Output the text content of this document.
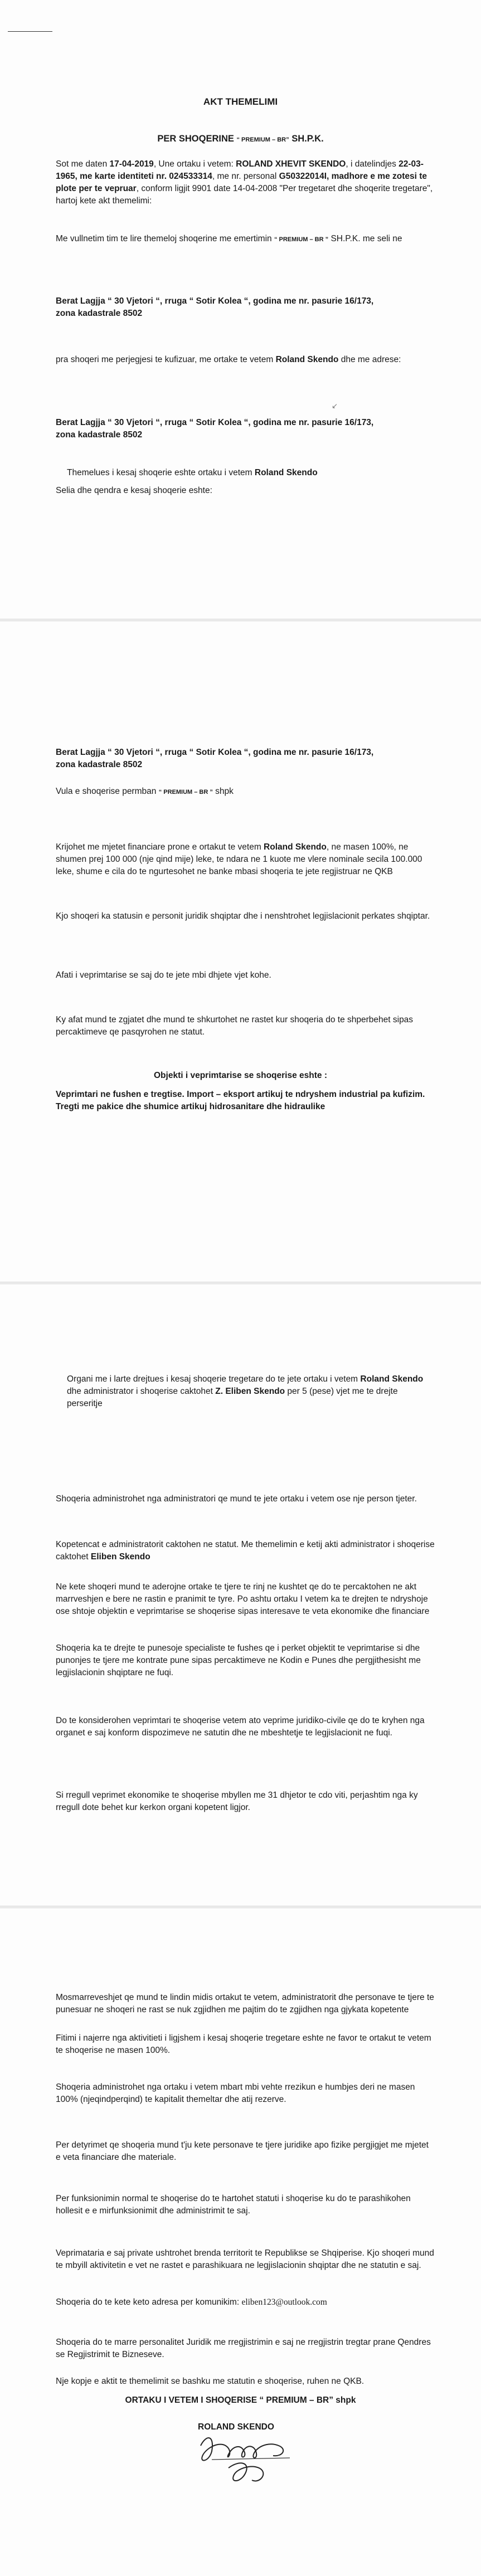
AKT THEMELIMI
PER SHOQERINE “ PREMIUM – BR” SH.P.K.

Sot me daten 17-04-2019, Une ortaku i vetem: ROLAND XHEVIT SKENDO, i datelindjes 22-03-1965, me karte identiteti nr. 024533314, me nr. personal G50322014I, madhore e me zotesi te plote per te vepruar, conform ligjit 9901 date 14-04-2008 "Per tregetaret dhe shoqerite tregetare", hartoj kete akt themelimi:

Me vullnetim tim te lire themeloj shoqerine me emertimin “ PREMIUM – BR ” SH.P.K. me seli ne

Berat Lagjja “ 30 Vjetori “, rruga “ Sotir Kolea “, godina me nr. pasurie 16/173,

zona kadastrale 8502

pra shoqeri me perjegjesi te kufizuar, me ortake te vetem Roland Skendo dhe me adrese:

Berat Lagjja “ 30 Vjetori “, rruga “ Sotir Kolea “, godina me nr. pasurie 16/173,

zona kadastrale 8502

↙

Themelues i kesaj shoqerie eshte ortaku i vetem Roland Skendo

Selia dhe qendra e kesaj shoqerie eshte:

Berat Lagjja “ 30 Vjetori “, rruga “ Sotir Kolea “, godina me nr. pasurie 16/173,

zona kadastrale 8502

Vula e shoqerise permban “ PREMIUM – BR ” shpk

Krijohet me mjetet financiare prone e ortakut te vetem Roland Skendo, ne masen 100%, ne shumen prej 100 000 (nje qind mije) leke, te ndara ne 1 kuote me vlere nominale secila 100.000 leke, shume e cila do te ngurtesohet ne banke mbasi shoqeria te jete regjistruar ne QKB

Kjo shoqeri ka statusin e personit juridik shqiptar dhe i nenshtrohet legjislacionit perkates shqiptar.

Afati i veprimtarise se saj do te jete mbi dhjete vjet kohe.

Ky afat mund te zgjatet dhe mund te shkurtohet ne rastet kur shoqeria do te shperbehet sipas percaktimeve qe pasqyrohen ne statut.

Objekti i veprimtarise se shoqerise eshte :

Veprimtari ne fushen e tregtise. Import – eksport artikuj te ndryshem industrial pa kufizim. Tregti me pakice dhe shumice artikuj hidrosanitare dhe hidraulike

Organi me i larte drejtues i kesaj shoqerie tregetare do te jete ortaku i vetem Roland Skendo dhe administrator i shoqerise caktohet Z. Eliben Skendo per 5 (pese) vjet me te drejte perseritje

Shoqeria administrohet nga administratori qe mund te jete ortaku i vetem ose nje person tjeter.

Kopetencat e administratorit caktohen ne statut. Me themelimin e ketij akti administrator i shoqerise caktohet Eliben Skendo

Ne kete shoqeri mund te aderojne ortake te tjere te rinj ne kushtet qe do te percaktohen ne akt marrveshjen e bere ne rastin e pranimit te tyre. Po ashtu ortaku I vetem ka te drejten te ndryshoje ose shtoje objektin e veprimtarise se shoqerise sipas interesave te veta ekonomike dhe financiare

Shoqeria ka te drejte te punesoje specialiste te fushes qe i perket objektit te veprimtarise si dhe punonjes te tjere me kontrate pune sipas percaktimeve ne Kodin e Punes dhe pergjithesisht me legjislacionin shqiptare ne fuqi.

Do te konsiderohen veprimtari te shoqerise vetem ato veprime juridiko-civile qe do te kryhen nga organet e saj konform dispozimeve ne satutin dhe ne mbeshtetje te legjislacionit ne fuqi.

Si rregull veprimet ekonomike te shoqerise mbyllen me 31 dhjetor te cdo viti, perjashtim nga ky rregull dote behet kur kerkon organi kopetent ligjor.

Mosmarreveshjet qe mund te lindin midis ortakut te vetem, administratorit dhe personave te tjere te punesuar ne shoqeri ne rast se nuk zgjidhen me pajtim do te zgjidhen nga gjykata kopetente

Fitimi i najerre nga aktivitieti i ligjshem i kesaj shoqerie tregetare eshte ne favor te ortakut te vetem te shoqerise ne masen 100%.

Shoqeria administrohet nga ortaku i vetem mbart mbi vehte rrezikun e humbjes deri ne masen 100% (njeqindperqind) te kapitalit themeltar dhe atij rezerve.

Per detyrimet qe shoqeria mund t'ju kete personave te tjere juridike apo fizike pergjigjet me mjetet e veta financiare dhe materiale.

Per funksionimin normal te shoqerise do te hartohet statuti i shoqerise ku do te parashikohen hollesit e e mirfunksionimit dhe administrimit te saj.

Veprimataria e saj private ushtrohet brenda territorit te Republikse se Shqiperise. Kjo shoqeri mund te mbyill aktivitetin e vet ne rastet e parashikuara ne legjislacionin shqiptar dhe ne statutin e saj.

Shoqeria do te kete keto adresa per komunikim: eliben123@outlook.com

Shoqeria do te marre personalitet Juridik me rregjistrimin e saj ne rregjistrin tregtar prane Qendres se Regjistrimit te Bizneseve.

Nje kopje e aktit te themelimit se bashku me statutin e shoqerise, ruhen ne QKB.

ORTAKU I VETEM I SHOQERISE “ PREMIUM – BR” shpk
ROLAND SKENDO
